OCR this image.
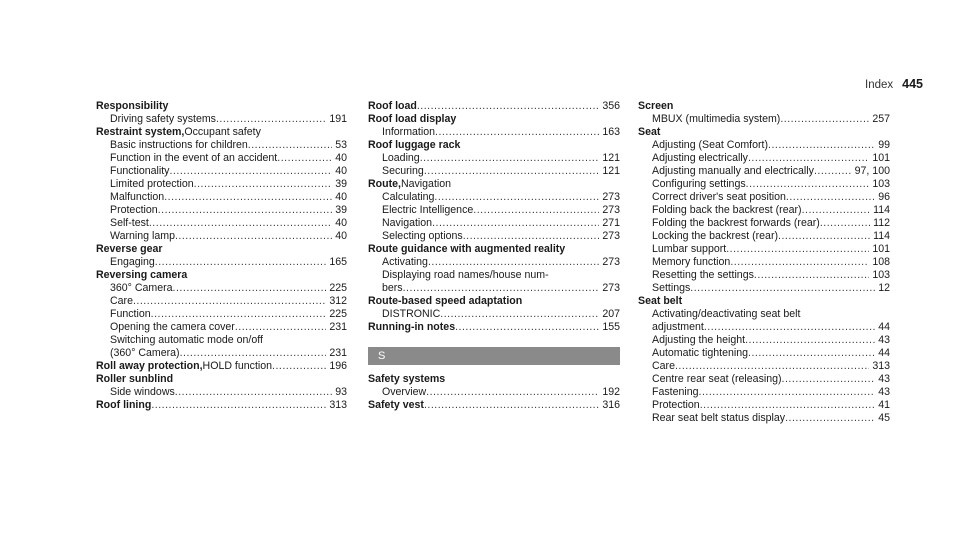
Index 445
Responsibility
Driving safety systems .....	191
Restraint system, Occupant safety
Basic instructions for children .....	53
Function in the event of an accident .....	40
Functionality .....	40
Limited protection .....	39
Malfunction .....	40
Protection .....	39
Self-test .....	40
Warning lamp .....	40
Reverse gear
Engaging .....	165
Reversing camera
360° Camera .....	225
Care .....	312
Function .....	225
Opening the camera cover .....	231
Switching automatic mode on/off
(360° Camera) .....	231
Roll away protection, HOLD function .....	196
Roller sunblind
Side windows .....	93
Roof lining .....	313
Roof load .....	356
Roof load display
Information .....	163
Roof luggage rack
Loading .....	121
Securing .....	121
Route, Navigation
Calculating .....	273
Electric Intelligence .....	273
Navigation .....	271
Selecting options .....	273
Route guidance with augmented reality
Activating .....	273
Displaying road names/house num-
bers .....	273
Route-based speed adaptation
DISTRONIC .....	207
Running-in notes .....	155
S
Safety systems
Overview .....	192
Safety vest .....	316
Screen
MBUX (multimedia system) .....	257
Seat
Adjusting (Seat Comfort) .....	99
Adjusting electrically .....	101
Adjusting manually and electrically .....	97, 100
Configuring settings .....	103
Correct driver's seat position .....	96
Folding back the backrest (rear) .....	114
Folding the backrest forwards (rear) .....	112
Locking the backrest (rear) .....	114
Lumbar support .....	101
Memory function .....	108
Resetting the settings .....	103
Settings .....	12
Seat belt
Activating/deactivating seat belt
adjustment .....	44
Adjusting the height .....	43
Automatic tightening .....	44
Care .....	313
Centre rear seat (releasing) .....	43
Fastening .....	43
Protection .....	41
Rear seat belt status display .....	45
